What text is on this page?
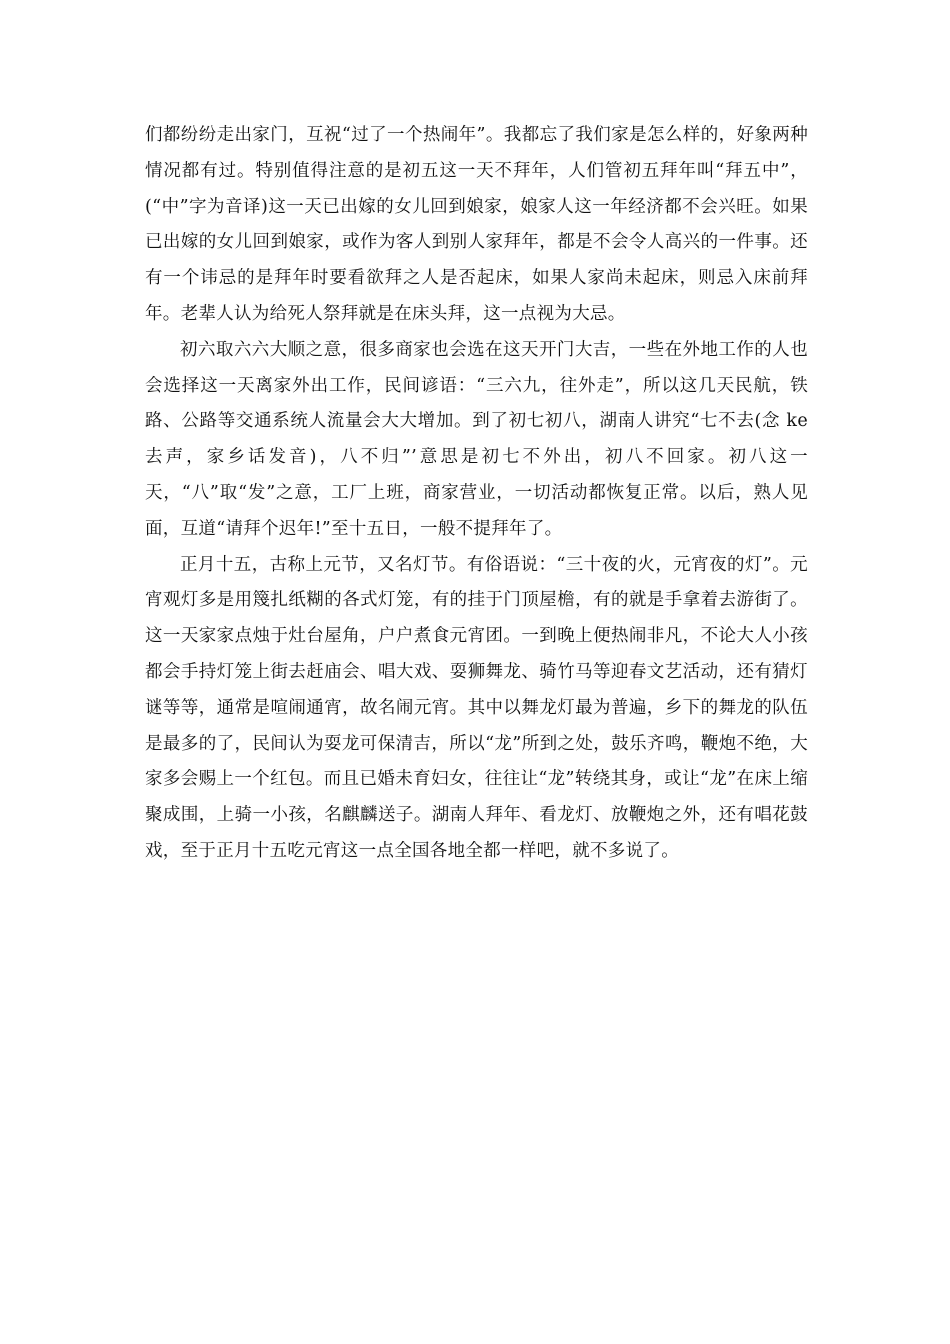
们都纷纷走出家门，互祝“过了一个热闹年”。我都忘了我们家是怎么样的，好象两种情况都有过。特别值得注意的是初五这一天不拜年，人们管初五拜年叫“拜五中”，(“中”字为音译)这一天已出嫁的女儿回到娘家，娘家人这一年经济都不会兴旺。如果已出嫁的女儿回到娘家，或作为客人到别人家拜年，都是不会令人高兴的一件事。还有一个讳忌的是拜年时要看欲拜之人是否起床，如果人家尚未起床，则忌入床前拜年。老辈人认为给死人祭拜就是在床头拜，这一点视为大忌。

初六取六六大顺之意，很多商家也会选在这天开门大吉，一些在外地工作的人也会选择这一天离家外出工作，民间谚语：“三六九，往外走”，所以这几天民航，铁路、公路等交通系统人流量会大大增加。到了初七初八，湖南人讲究“七不去(念 ke 去声，家乡话发音)，八不归”’意思是初七不外出，初八不回家。初八这一天，“八”取“发”之意，工厂上班，商家营业，一切活动都恢复正常。以后，熟人见面，互道“请拜个迟年!”至十五日，一般不提拜年了。

正月十五，古称上元节，又名灯节。有俗语说：“三十夜的火，元宵夜的灯”。元宵观灯多是用篾扎纸糊的各式灯笼，有的挂于门顶屋檐，有的就是手拿着去游街了。这一天家家点烛于灶台屋角，户户煮食元宵团。一到晚上便热闹非凡，不论大人小孩都会手持灯笼上街去赶庙会、唱大戏、耍狮舞龙、骑竹马等迎春文艺活动，还有猜灯谜等等，通常是喧闹通宵，故名闹元宵。其中以舞龙灯最为普遍，乡下的舞龙的队伍是最多的了，民间认为耍龙可保清吉，所以“龙”所到之处，鼓乐齐鸣，鞭炮不绝，大家多会赐上一个红包。而且已婚未育妇女，往往让“龙”转绕其身，或让“龙”在床上缩聚成围，上骑一小孩，名麒麟送子。湖南人拜年、看龙灯、放鞭炮之外，还有唱花鼓戏，至于正月十五吃元宵这一点全国各地全都一样吧，就不多说了。
